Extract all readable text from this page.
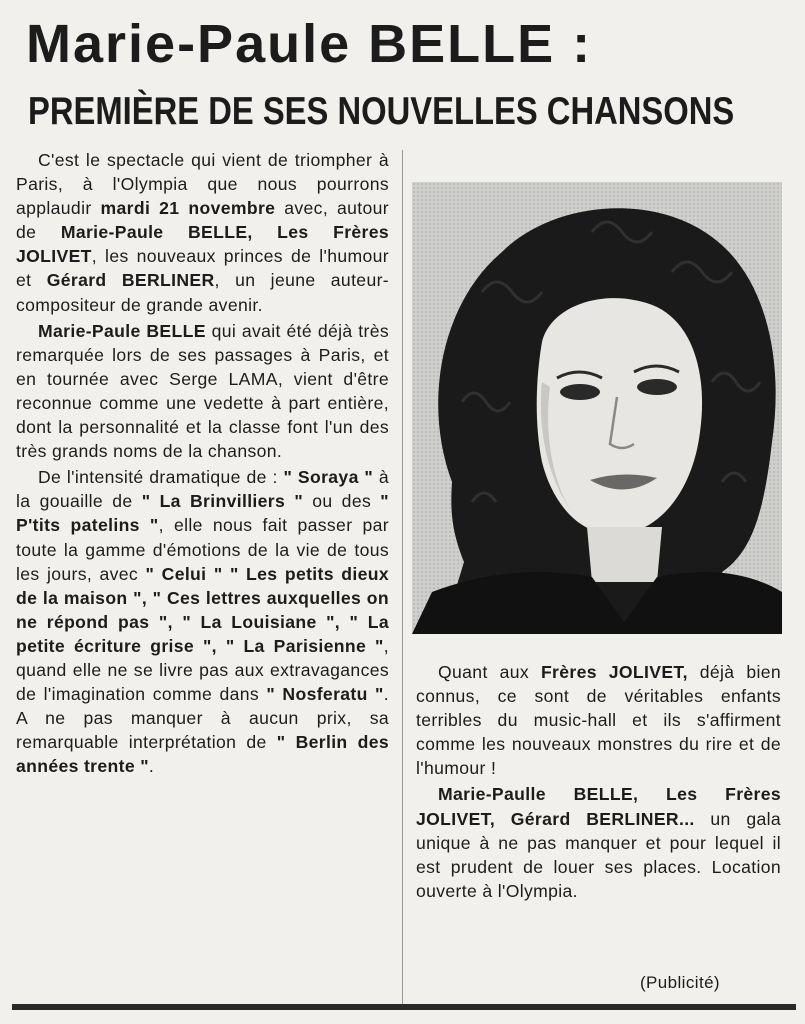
Marie-Paule BELLE :
PREMIÈRE DE SES NOUVELLES CHANSONS

C'est le spectacle qui vient de triompher à Paris, à l'Olympia que nous pourrons applaudir mardi 21 novembre avec, autour de Marie-Paule BELLE, Les Frères JOLIVET, les nouveaux princes de l'humour et Gérard BERLINER, un jeune auteur-compositeur de grande avenir.

Marie-Paule BELLE qui avait été déjà très remarquée lors de ses passages à Paris, et en tournée avec Serge LAMA, vient d'être reconnue comme une vedette à part entière, dont la personnalité et la classe font l'un des très grands noms de la chanson.

De l'intensité dramatique de : " Soraya " à la gouaille de " La Brinvilliers " ou des " P'tits patelins ", elle nous fait passer par toute la gamme d'émotions de la vie de tous les jours, avec " Celui " " Les petits dieux de la maison ", " Ces lettres auxquelles on ne répond pas ", " La Louisiane ", " La petite écriture grise ", " La Parisienne ", quand elle ne se livre pas aux extravagances de l'imagination comme dans " Nosferatu ". A ne pas manquer à aucun prix, sa remarquable interprétation de " Berlin des années trente ".

Quant aux Frères JOLIVET, déjà bien connus, ce sont de véritables enfants terribles du music-hall et ils s'affirment comme les nouveaux monstres du rire et de l'humour !

Marie-Paulle BELLE, Les Frères JOLIVET, Gérard BERLINER... un gala unique à ne pas manquer et pour lequel il est prudent de louer ses places. Location ouverte à l'Olympia.

(Publicité)
